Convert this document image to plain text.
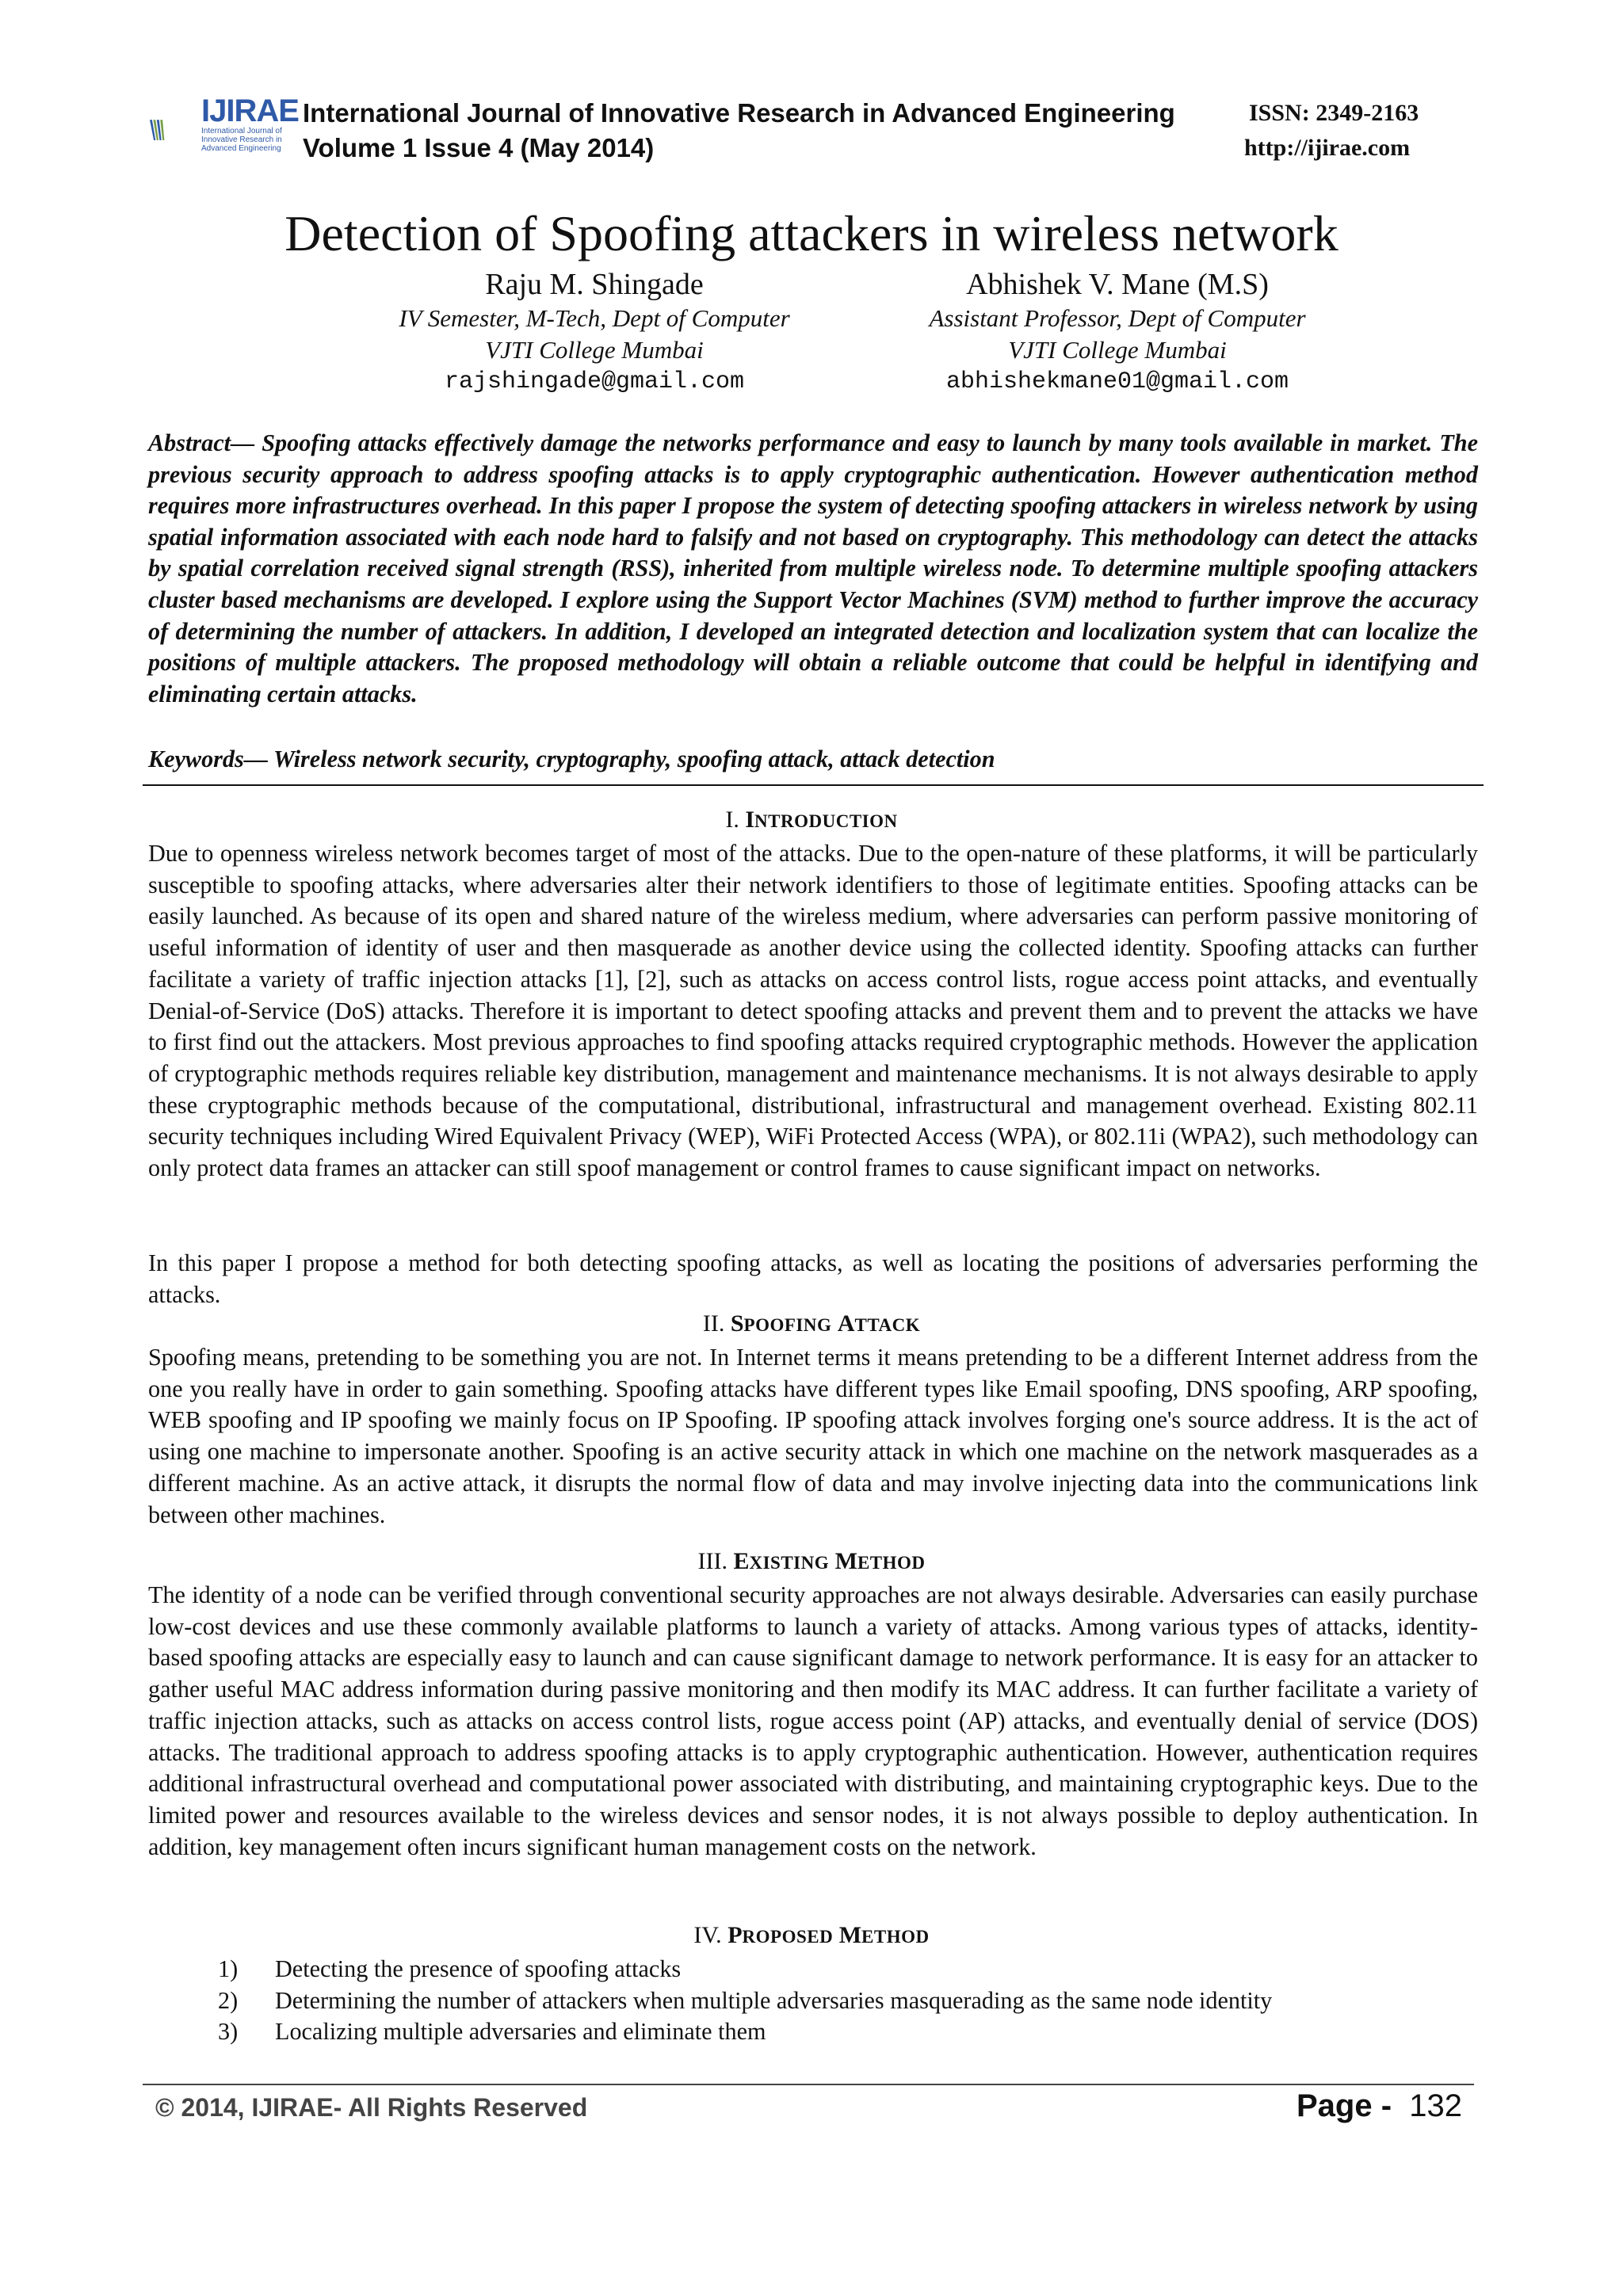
IJIRAE
International Journal of Innovative Research in Advanced Engineering
International Journal of Innovative Research in Advanced Engineering
Volume 1 Issue 4 (May 2014)
ISSN: 2349-2163
http://ijirae.com
Detection of Spoofing attackers in wireless network
Raju M. Shingade
IV Semester, M-Tech, Dept of Computer
VJTI College Mumbai
rajshingade@gmail.com
Abhishek V. Mane (M.S)
Assistant Professor, Dept of Computer
VJTI College Mumbai
abhishekmane01@gmail.com
Abstract— Spoofing attacks effectively damage the networks performance and easy to launch by many tools available in market. The previous security approach to address spoofing attacks is to apply cryptographic authentication. However authentication method requires more infrastructures overhead. In this paper I propose the system of detecting spoofing attackers in wireless network by using spatial information associated with each node hard to falsify and not based on cryptography. This methodology can detect the attacks by spatial correlation received signal strength (RSS), inherited from multiple wireless node. To determine multiple spoofing attackers cluster based mechanisms are developed. I explore using the Support Vector Machines (SVM) method to further improve the accuracy of determining the number of attackers. In addition, I developed an integrated detection and localization system that can localize the positions of multiple attackers. The proposed methodology will obtain a reliable outcome that could be helpful in identifying and eliminating certain attacks.
Keywords— Wireless network security, cryptography, spoofing attack, attack detection
I. INTRODUCTION

Due to openness wireless network becomes target of most of the attacks. Due to the open-nature of these platforms, it will be particularly susceptible to spoofing attacks, where adversaries alter their network identifiers to those of legitimate entities. Spoofing attacks can be easily launched. As because of its open and shared nature of the wireless medium, where adversaries can perform passive monitoring of useful information of identity of user and then masquerade as another device using the collected identity. Spoofing attacks can further facilitate a variety of traffic injection attacks [1], [2], such as attacks on access control lists, rogue access point attacks, and eventually Denial-of-Service (DoS) attacks. Therefore it is important to detect spoofing attacks and prevent them and to prevent the attacks we have to first find out the attackers. Most previous approaches to find spoofing attacks required cryptographic methods. However the application of cryptographic methods requires reliable key distribution, management and maintenance mechanisms. It is not always desirable to apply these cryptographic methods because of the computational, distributional, infrastructural and management overhead. Existing 802.11 security techniques including Wired Equivalent Privacy (WEP), WiFi Protected Access (WPA), or 802.11i (WPA2), such methodology can only protect data frames an attacker can still spoof management or control frames to cause significant impact on networks.

In this paper I propose a method for both detecting spoofing attacks, as well as locating the positions of adversaries performing the attacks.

II. SPOOFING ATTACK

Spoofing means, pretending to be something you are not. In Internet terms it means pretending to be a different Internet address from the one you really have in order to gain something. Spoofing attacks have different types like Email spoofing, DNS spoofing, ARP spoofing, WEB spoofing and IP spoofing we mainly focus on IP Spoofing. IP spoofing attack involves forging one's source address. It is the act of using one machine to impersonate another. Spoofing is an active security attack in which one machine on the network masquerades as a different machine. As an active attack, it disrupts the normal flow of data and may involve injecting data into the communications link between other machines.

III. EXISTING METHOD

The identity of a node can be verified through conventional security approaches are not always desirable. Adversaries can easily purchase low-cost devices and use these commonly available platforms to launch a variety of attacks. Among various types of attacks, identity-based spoofing attacks are especially easy to launch and can cause significant damage to network performance. It is easy for an attacker to gather useful MAC address information during passive monitoring and then modify its MAC address. It can further facilitate a variety of traffic injection attacks, such as attacks on access control lists, rogue access point (AP) attacks, and eventually denial of service (DOS) attacks. The traditional approach to address spoofing attacks is to apply cryptographic authentication. However, authentication requires additional infrastructural overhead and computational power associated with distributing, and maintaining cryptographic keys. Due to the limited power and resources available to the wireless devices and sensor nodes, it is not always possible to deploy authentication. In addition, key management often incurs significant human management costs on the network.

IV. PROPOSED METHOD
1)	Detecting the presence of spoofing attacks
2)	Determining the number of attackers when multiple adversaries masquerading as the same node identity
3)	Localizing multiple adversaries and eliminate them
© 2014, IJIRAE- All Rights Reserved	Page - 132
